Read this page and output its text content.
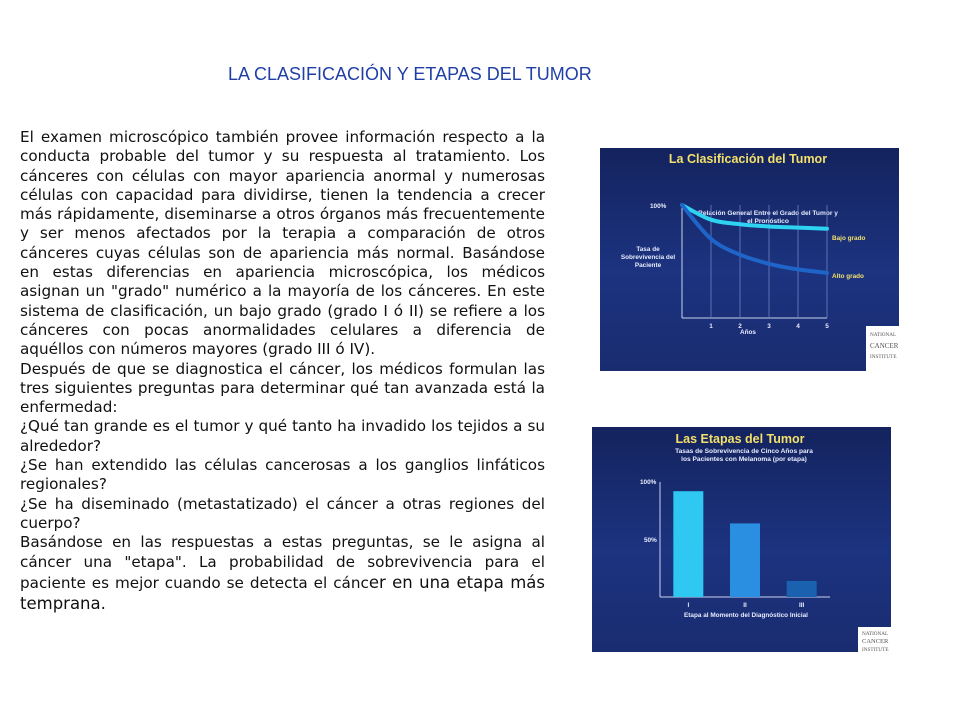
LA CLASIFICACIÓN Y ETAPAS DEL TUMOR

El examen microscópico también provee información respecto a la conducta probable del tumor y su respuesta al tratamiento. Los cánceres con células con mayor apariencia anormal y numerosas células con capacidad para dividirse, tienen la tendencia a crecer más rápidamente, diseminarse a otros órganos más frecuentemente y ser menos afectados por la terapia a comparación de otros cánceres cuyas células son de apariencia más normal. Basándose en estas diferencias en apariencia microscópica, los médicos asignan un "grado" numérico a la mayoría de los cánceres. En este sistema de clasificación, un bajo grado (grado I ó II) se refiere a los cánceres con pocas anormalidades celulares a diferencia de aquéllos con números mayores (grado III ó IV).

Después de que se diagnostica el cáncer, los médicos formulan las tres siguientes preguntas para determinar qué tan avanzada está la enfermedad:

¿Qué tan grande es el tumor y qué tanto ha invadido los tejidos a su alrededor?

¿Se han extendido las células cancerosas a los ganglios linfáticos regionales?

¿Se ha diseminado (metastatizado) el cáncer a otras regiones del cuerpo?

Basándose en las respuestas a estas preguntas, se le asigna al cáncer una "etapa". La probabilidad de sobrevivencia para el paciente es mejor cuando se detecta el cáncer en una etapa más temprana.

La Clasificación del Tumor
Relación General Entre el Grado del Tumor y el Pronóstico
100%
Tasa de Sobrevivencia del Paciente
1	2	3	4	5
Años
Bajo grado
Alto grado
NATIONAL
CANCER
INSTITUTE
Las Etapas del Tumor
Tasas de Sobrevivencia de Cinco Años para los Pacientes con Melanoma (por etapa)
100%
50%
I	II	III
Etapa al Momento del Diagnóstico Inicial
NATIONAL
CANCER
INSTITUTE
